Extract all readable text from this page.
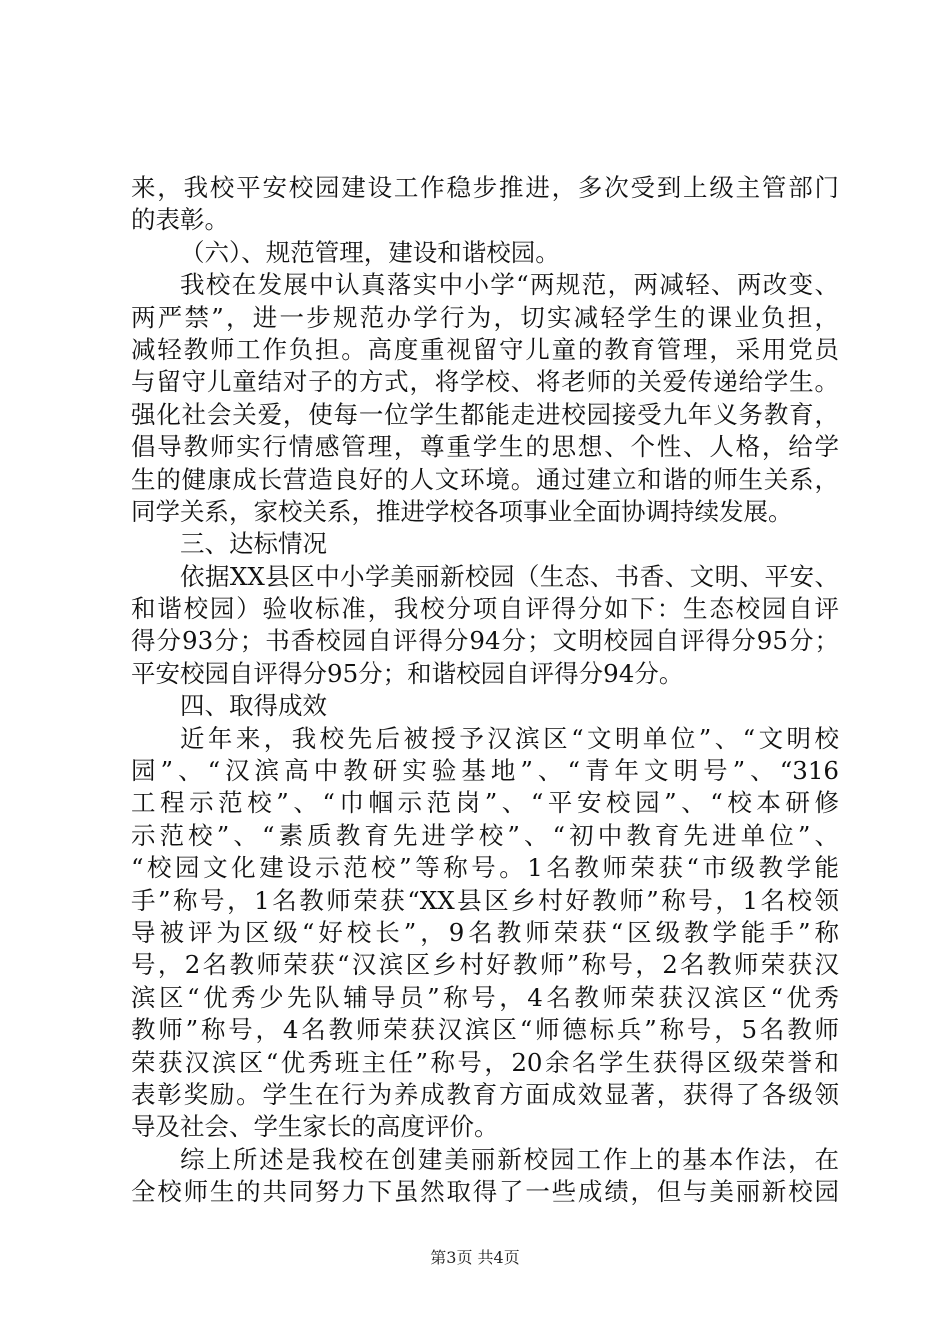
来，我校平安校园建设工作稳步推进，多次受到上级主管部门
的表彰。
（六）、规范管理，建设和谐校园。
我校在发展中认真落实中小学“两规范，两减轻、两改变、
两严禁”，进一步规范办学行为，切实减轻学生的课业负担，
减轻教师工作负担。高度重视留守儿童的教育管理，采用党员
与留守儿童结对子的方式，将学校、将老师的关爱传递给学生。
强化社会关爱，使每一位学生都能走进校园接受九年义务教育，
倡导教师实行情感管理，尊重学生的思想、个性、人格，给学
生的健康成长营造良好的人文环境。通过建立和谐的师生关系，
同学关系，家校关系，推进学校各项事业全面协调持续发展。
三、达标情况
依据XX县区中小学美丽新校园（生态、书香、文明、平安、
和谐校园）验收标准，我校分项自评得分如下：生态校园自评
得分93分；书香校园自评得分94分；文明校园自评得分95分；
平安校园自评得分95分；和谐校园自评得分94分。
四、取得成效
近年来，我校先后被授予汉滨区“文明单位”、“文明校
园”、“汉滨高中教研实验基地”、“青年文明号”、“316
工程示范校”、“巾帼示范岗”、“平安校园”、“校本研修
示范校”、“素质教育先进学校”、“初中教育先进单位”、
“校园文化建设示范校”等称号。1名教师荣获“市级教学能
手”称号，1名教师荣获“XX县区乡村好教师”称号，1名校领
导被评为区级“好校长”，9名教师荣获“区级教学能手”称
号，2名教师荣获“汉滨区乡村好教师”称号，2名教师荣获汉
滨区“优秀少先队辅导员”称号，4名教师荣获汉滨区“优秀
教师”称号，4名教师荣获汉滨区“师德标兵”称号，5名教师
荣获汉滨区“优秀班主任”称号，20余名学生获得区级荣誉和
表彰奖励。学生在行为养成教育方面成效显著，获得了各级领
导及社会、学生家长的高度评价。
综上所述是我校在创建美丽新校园工作上的基本作法，在
全校师生的共同努力下虽然取得了一些成绩，但与美丽新校园
第3页 共4页
